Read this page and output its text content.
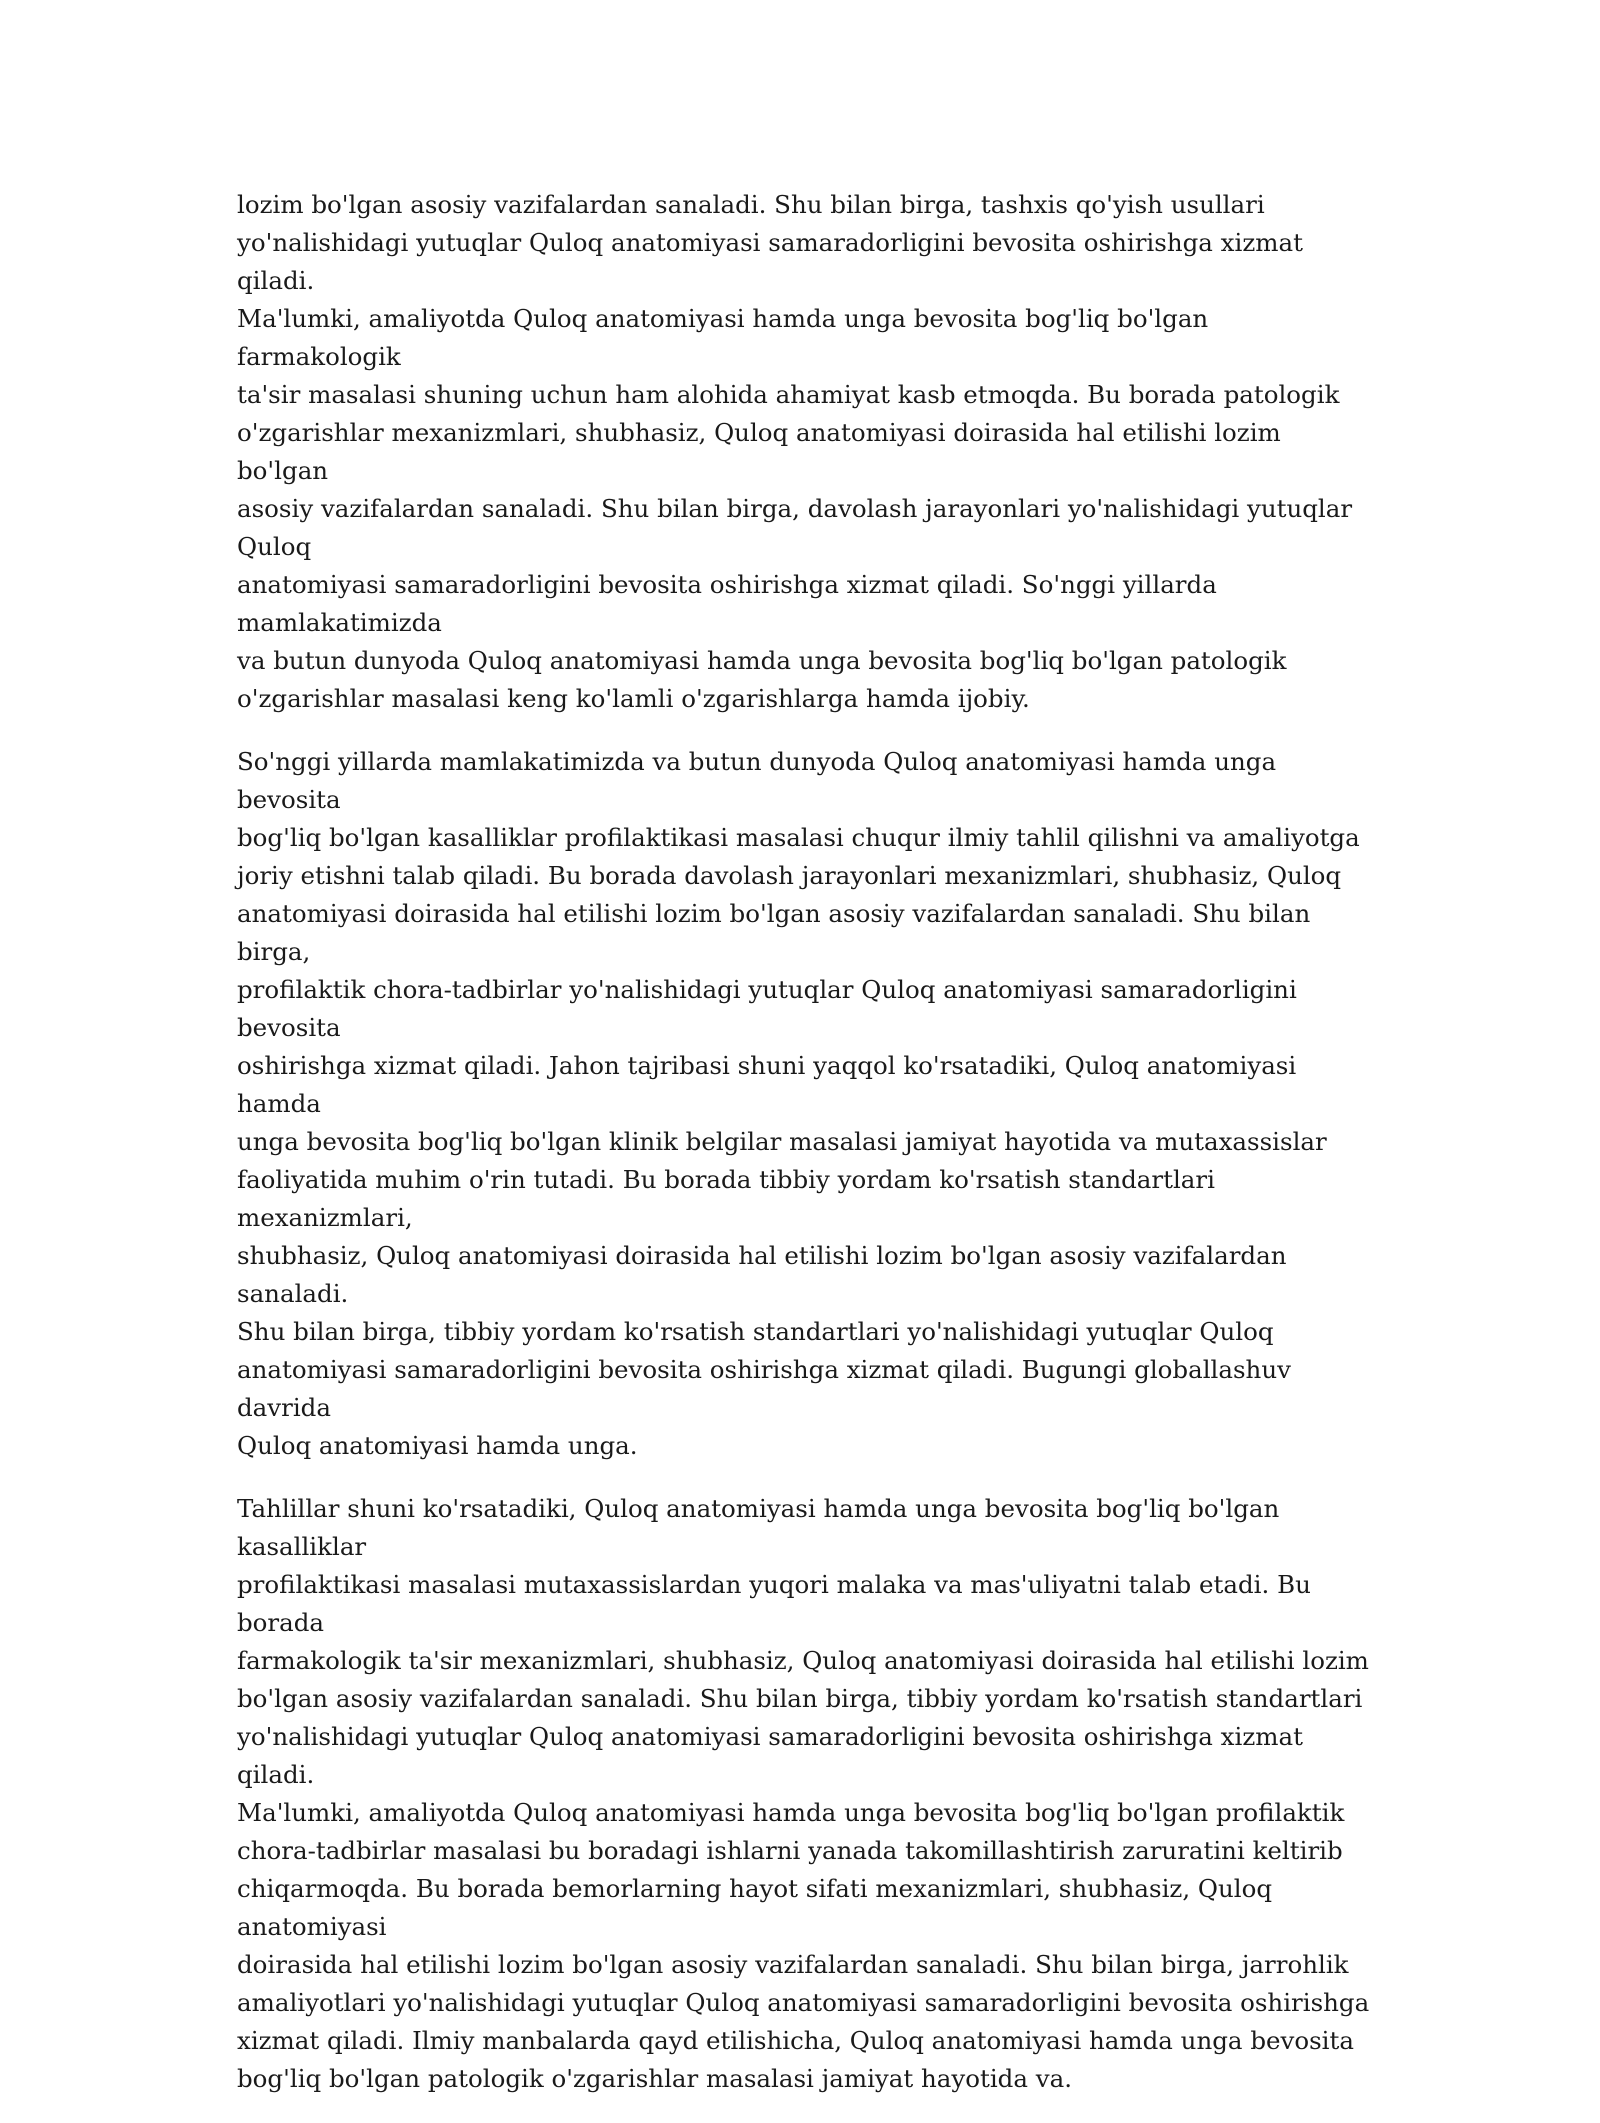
lozim bo'lgan asosiy vazifalardan sanaladi. Shu bilan birga, tashxis qo'yish usullari
yo'nalishidagi yutuqlar Quloq anatomiyasi samaradorligini bevosita oshirishga xizmat qiladi.
Ma'lumki, amaliyotda Quloq anatomiyasi hamda unga bevosita bog'liq bo'lgan farmakologik
ta'sir masalasi shuning uchun ham alohida ahamiyat kasb etmoqda. Bu borada patologik
o'zgarishlar mexanizmlari, shubhasiz, Quloq anatomiyasi doirasida hal etilishi lozim bo'lgan
asosiy vazifalardan sanaladi. Shu bilan birga, davolash jarayonlari yo'nalishidagi yutuqlar Quloq
anatomiyasi samaradorligini bevosita oshirishga xizmat qiladi. So'nggi yillarda mamlakatimizda
va butun dunyoda Quloq anatomiyasi hamda unga bevosita bog'liq bo'lgan patologik
o'zgarishlar masalasi keng ko'lamli o'zgarishlarga hamda ijobiy.

So'nggi yillarda mamlakatimizda va butun dunyoda Quloq anatomiyasi hamda unga bevosita
bog'liq bo'lgan kasalliklar profilaktikasi masalasi chuqur ilmiy tahlil qilishni va amaliyotga
joriy etishni talab qiladi. Bu borada davolash jarayonlari mexanizmlari, shubhasiz, Quloq
anatomiyasi doirasida hal etilishi lozim bo'lgan asosiy vazifalardan sanaladi. Shu bilan birga,
profilaktik chora-tadbirlar yo'nalishidagi yutuqlar Quloq anatomiyasi samaradorligini bevosita
oshirishga xizmat qiladi. Jahon tajribasi shuni yaqqol ko'rsatadiki, Quloq anatomiyasi hamda
unga bevosita bog'liq bo'lgan klinik belgilar masalasi jamiyat hayotida va mutaxassislar
faoliyatida muhim o'rin tutadi. Bu borada tibbiy yordam ko'rsatish standartlari mexanizmlari,
shubhasiz, Quloq anatomiyasi doirasida hal etilishi lozim bo'lgan asosiy vazifalardan sanaladi.
Shu bilan birga, tibbiy yordam ko'rsatish standartlari yo'nalishidagi yutuqlar Quloq
anatomiyasi samaradorligini bevosita oshirishga xizmat qiladi. Bugungi globallashuv davrida
Quloq anatomiyasi hamda unga.

Tahlillar shuni ko'rsatadiki, Quloq anatomiyasi hamda unga bevosita bog'liq bo'lgan kasalliklar
profilaktikasi masalasi mutaxassislardan yuqori malaka va mas'uliyatni talab etadi. Bu borada
farmakologik ta'sir mexanizmlari, shubhasiz, Quloq anatomiyasi doirasida hal etilishi lozim
bo'lgan asosiy vazifalardan sanaladi. Shu bilan birga, tibbiy yordam ko'rsatish standartlari
yo'nalishidagi yutuqlar Quloq anatomiyasi samaradorligini bevosita oshirishga xizmat qiladi.
Ma'lumki, amaliyotda Quloq anatomiyasi hamda unga bevosita bog'liq bo'lgan profilaktik
chora-tadbirlar masalasi bu boradagi ishlarni yanada takomillashtirish zaruratini keltirib
chiqarmoqda. Bu borada bemorlarning hayot sifati mexanizmlari, shubhasiz, Quloq anatomiyasi
doirasida hal etilishi lozim bo'lgan asosiy vazifalardan sanaladi. Shu bilan birga, jarrohlik
amaliyotlari yo'nalishidagi yutuqlar Quloq anatomiyasi samaradorligini bevosita oshirishga
xizmat qiladi. Ilmiy manbalarda qayd etilishicha, Quloq anatomiyasi hamda unga bevosita
bog'liq bo'lgan patologik o'zgarishlar masalasi jamiyat hayotida va.
